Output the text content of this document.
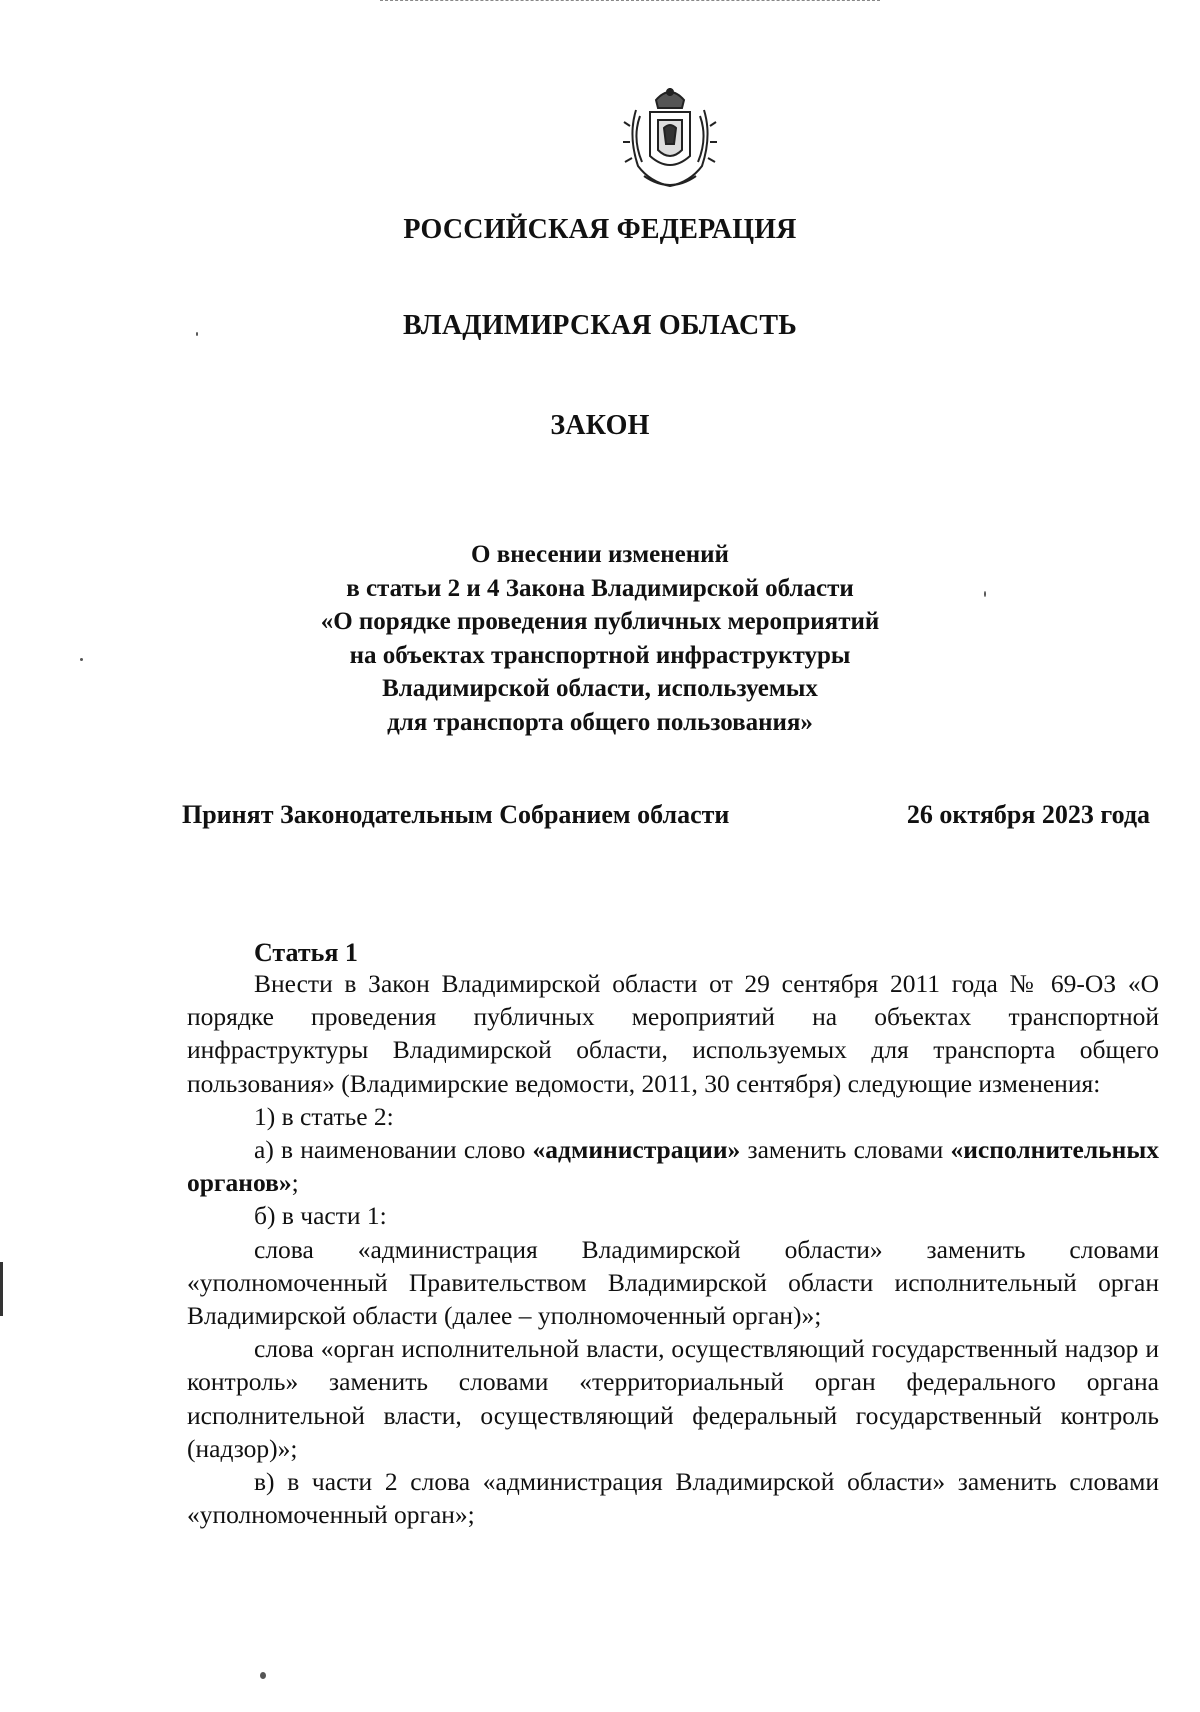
РОССИЙСКАЯ ФЕДЕРАЦИЯ
ВЛАДИМИРСКАЯ ОБЛАСТЬ
ЗАКОН
О внесении изменений
в статьи 2 и 4 Закона Владимирской области
«О порядке проведения публичных мероприятий
на объектах транспортной инфраструктуры
Владимирской области, используемых
для транспорта общего пользования»
Принят Законодательным Собранием области	26 октября 2023 года
Статья 1

Внести в Закон Владимирской области от 29 сентября 2011 года № 69-ОЗ «О порядке проведения публичных мероприятий на объектах транспортной инфраструктуры Владимирской области, используемых для транспорта общего пользования» (Владимирские ведомости, 2011, 30 сентября) следующие изменения:

1) в статье 2:

а) в наименовании слово «администрации» заменить словами «исполнительных органов»;

б) в части 1:

слова «администрация Владимирской области» заменить словами «уполномоченный Правительством Владимирской области исполнительный орган Владимирской области (далее – уполномоченный орган)»;

слова «орган исполнительной власти, осуществляющий государственный надзор и контроль» заменить словами «территориальный орган федерального органа исполнительной власти, осуществляющий федеральный государственный контроль (надзор)»;

в) в части 2 слова «администрация Владимирской области» заменить словами «уполномоченный орган»;
